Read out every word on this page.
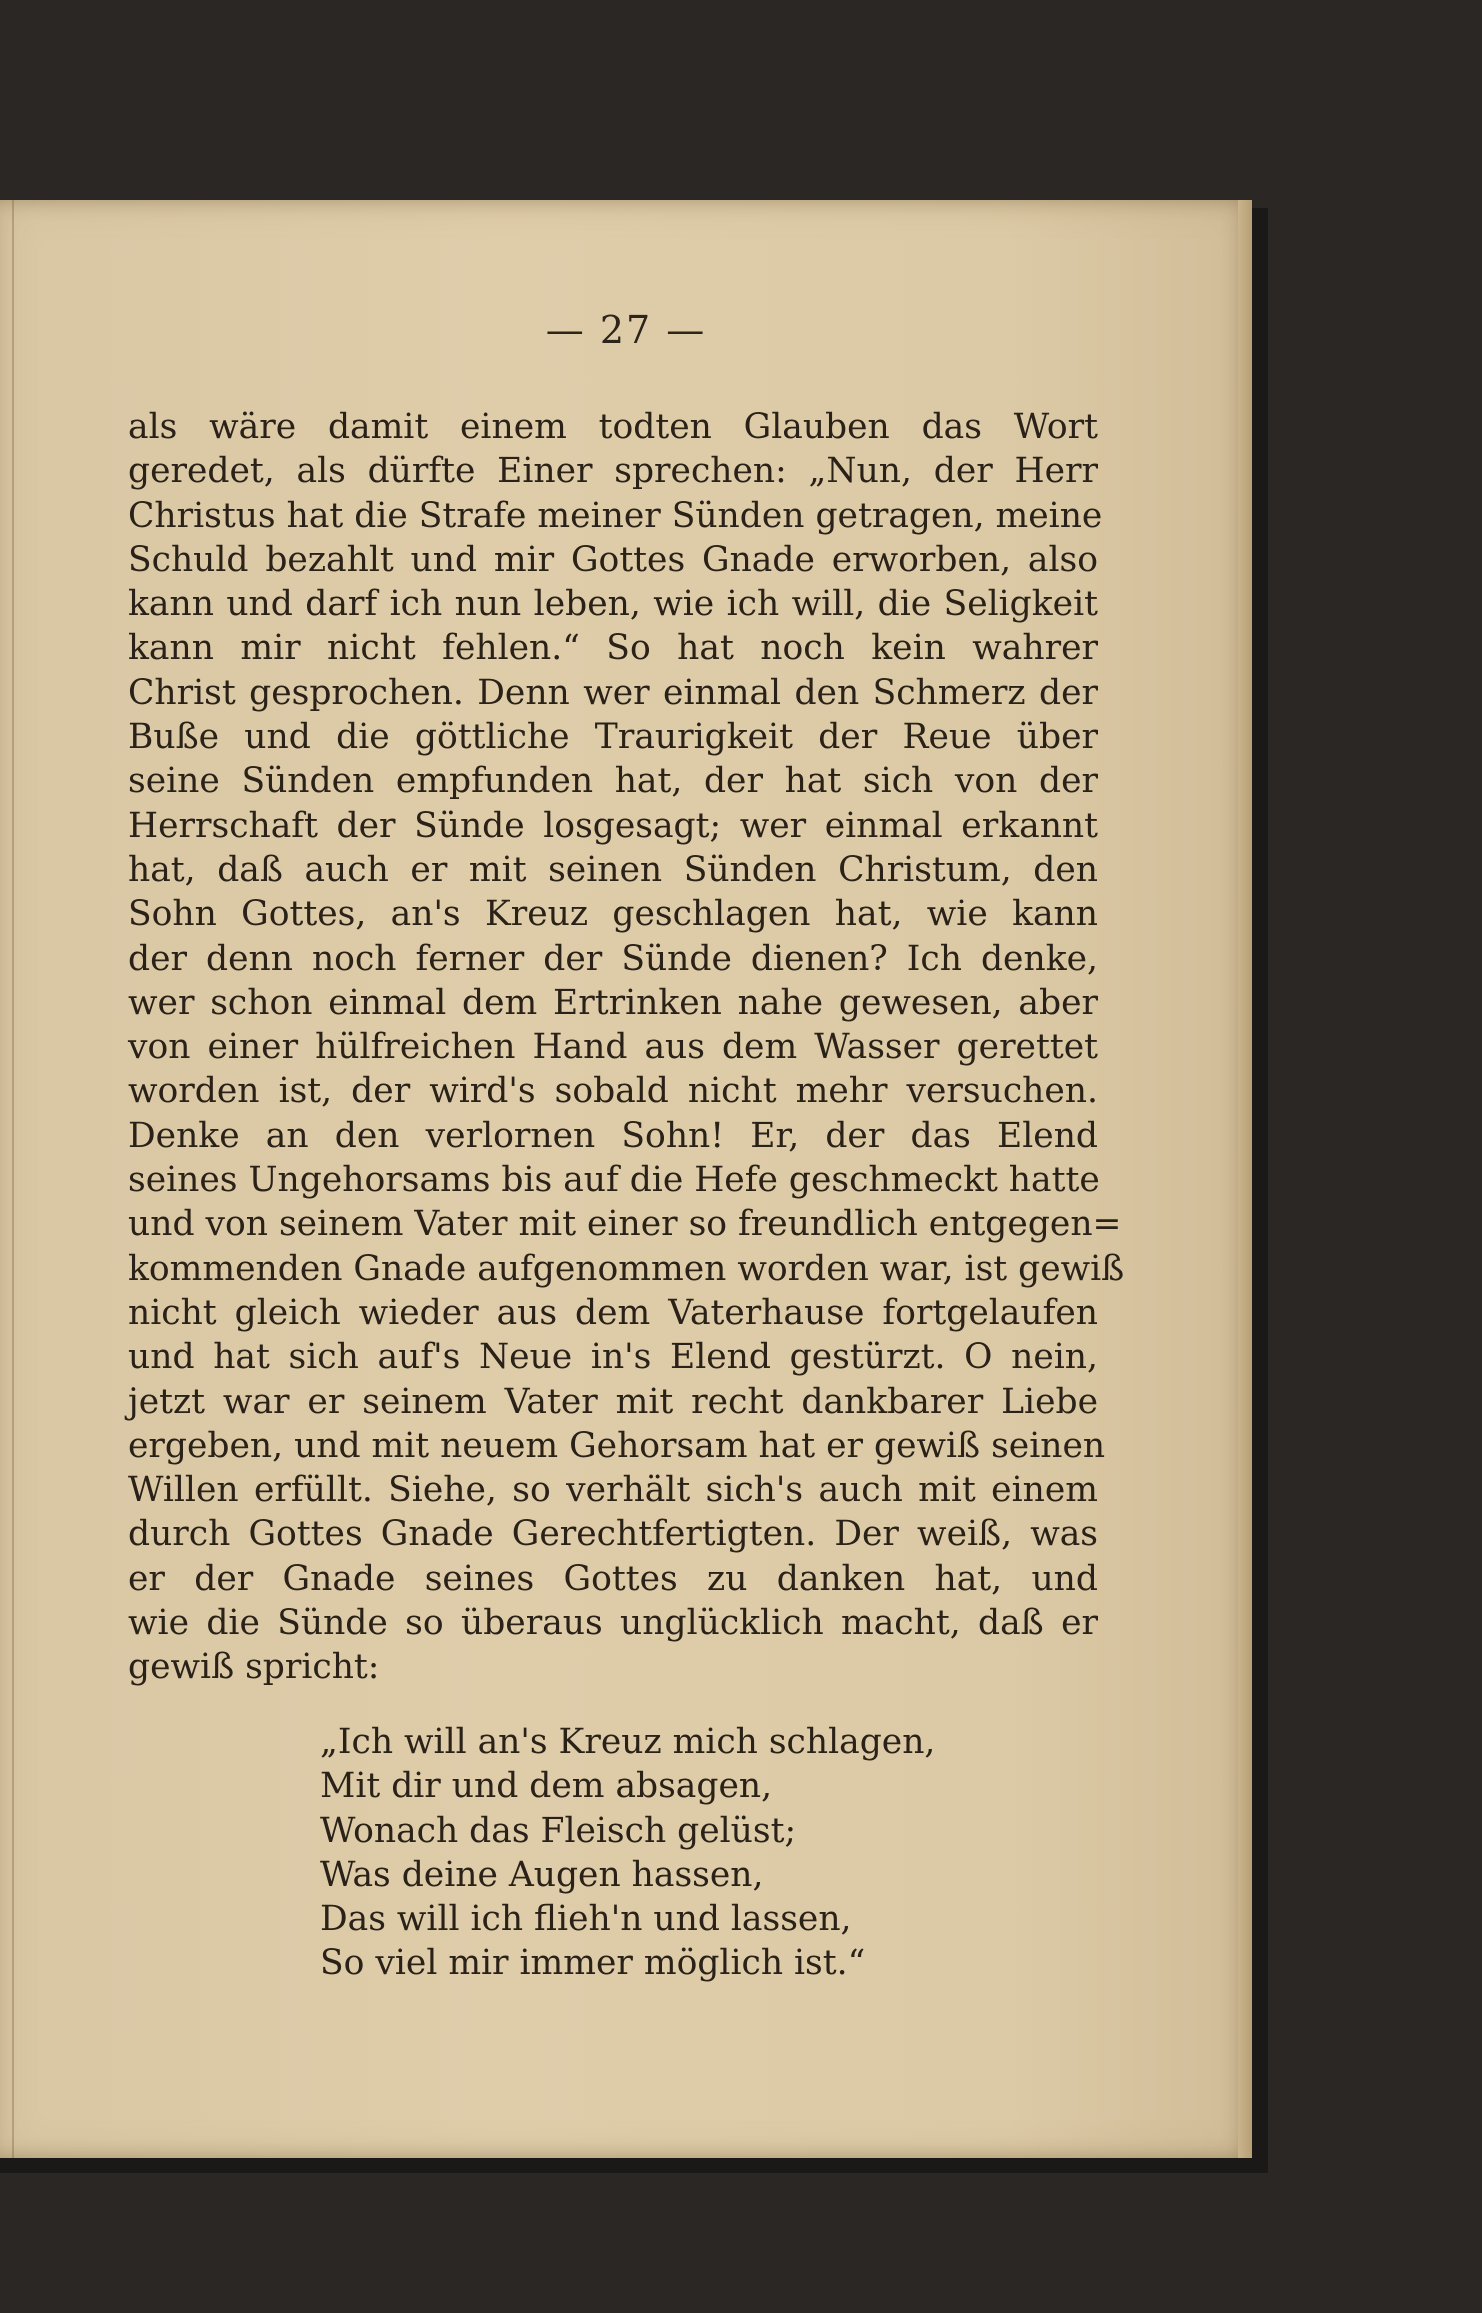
— 27 —
als wäre damit einem todten Glauben das Wort
geredet, als dürfte Einer sprechen: „Nun, der Herr
Christus hat die Strafe meiner Sünden getragen, meine
Schuld bezahlt und mir Gottes Gnade erworben, also
kann und darf ich nun leben, wie ich will, die Seligkeit
kann mir nicht fehlen.“ So hat noch kein wahrer
Christ gesprochen. Denn wer einmal den Schmerz der
Buße und die göttliche Traurigkeit der Reue über
seine Sünden empfunden hat, der hat sich von der
Herrschaft der Sünde losgesagt; wer einmal erkannt
hat, daß auch er mit seinen Sünden Christum, den
Sohn Gottes, an's Kreuz geschlagen hat, wie kann
der denn noch ferner der Sünde dienen? Ich denke,
wer schon einmal dem Ertrinken nahe gewesen, aber
von einer hülfreichen Hand aus dem Wasser gerettet
worden ist, der wird's sobald nicht mehr versuchen.
Denke an den verlornen Sohn! Er, der das Elend
seines Ungehorsams bis auf die Hefe geschmeckt hatte
und von seinem Vater mit einer so freundlich entgegen=
kommenden Gnade aufgenommen worden war, ist gewiß
nicht gleich wieder aus dem Vaterhause fortgelaufen
und hat sich auf's Neue in's Elend gestürzt. O nein,
jetzt war er seinem Vater mit recht dankbarer Liebe
ergeben, und mit neuem Gehorsam hat er gewiß seinen
Willen erfüllt. Siehe, so verhält sich's auch mit einem
durch Gottes Gnade Gerechtfertigten. Der weiß, was
er der Gnade seines Gottes zu danken hat, und
wie die Sünde so überaus unglücklich macht, daß er
gewiß spricht:
„Ich will an's Kreuz mich schlagen,
Mit dir und dem absagen,
Wonach das Fleisch gelüst;
Was deine Augen hassen,
Das will ich flieh'n und lassen,
So viel mir immer möglich ist.“
